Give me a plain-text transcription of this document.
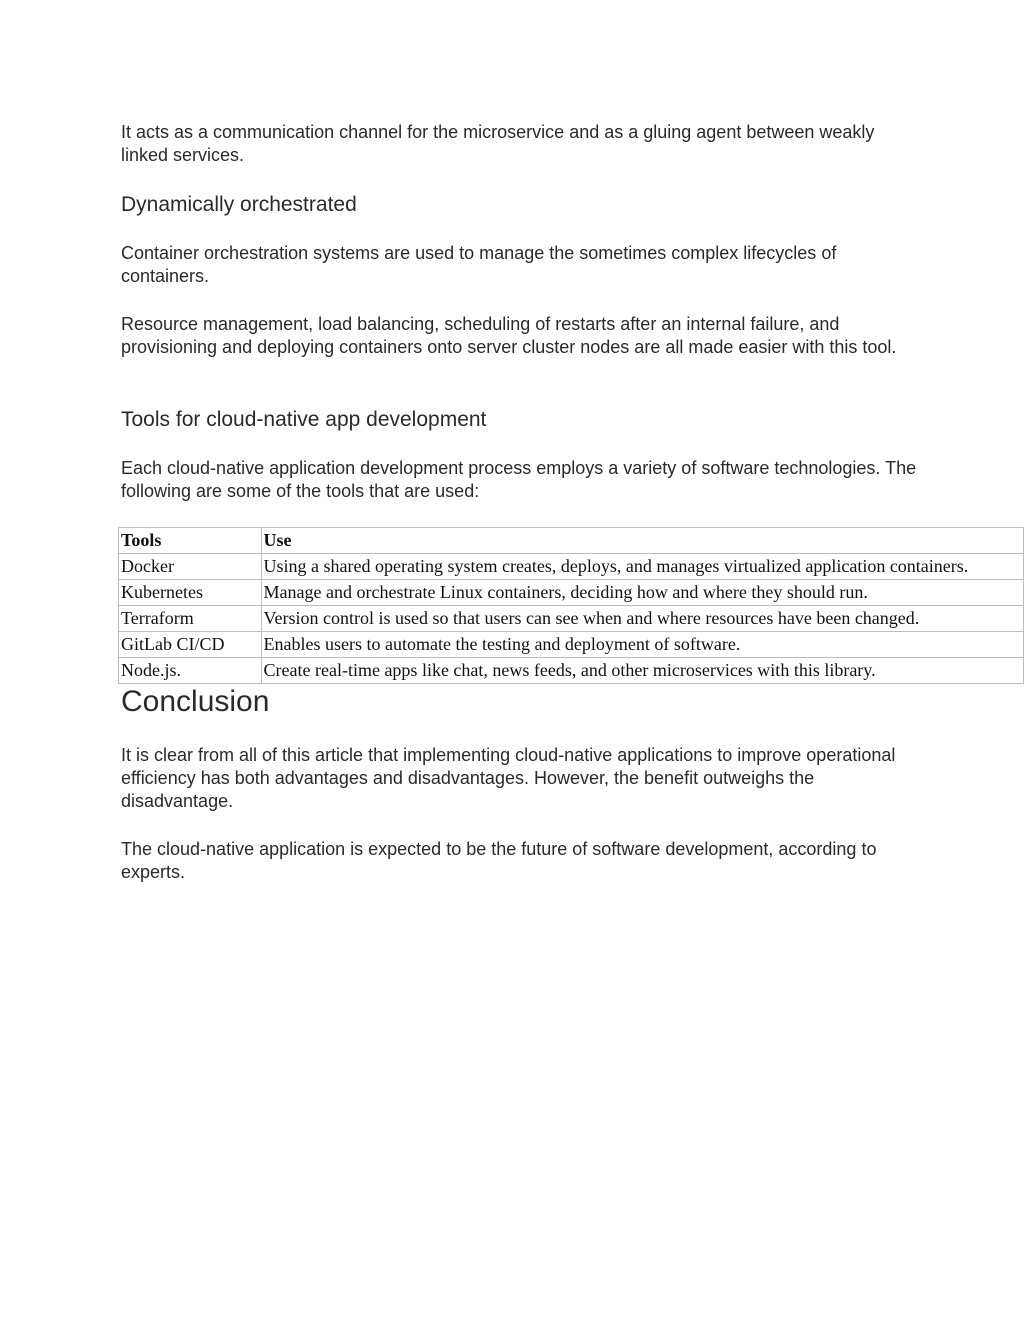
It acts as a communication channel for the microservice and as a gluing agent between weakly linked services.

Dynamically orchestrated

Container orchestration systems are used to manage the sometimes complex lifecycles of containers.

Resource management, load balancing, scheduling of restarts after an internal failure, and provisioning and deploying containers onto server cluster nodes are all made easier with this tool.

Tools for cloud-native app development

Each cloud-native application development process employs a variety of software technologies. The following are some of the tools that are used:

Tools	Use
Docker	Using a shared operating system creates, deploys, and manages virtualized application containers.
Kubernetes	Manage and orchestrate Linux containers, deciding how and where they should run.
Terraform	Version control is used so that users can see when and where resources have been changed.
GitLab CI/CD	Enables users to automate the testing and deployment of software.
Node.js.	Create real-time apps like chat, news feeds, and other microservices with this library.
Conclusion

It is clear from all of this article that implementing cloud-native applications to improve operational efficiency has both advantages and disadvantages. However, the benefit outweighs the disadvantage.

The cloud-native application is expected to be the future of software development, according to experts.
